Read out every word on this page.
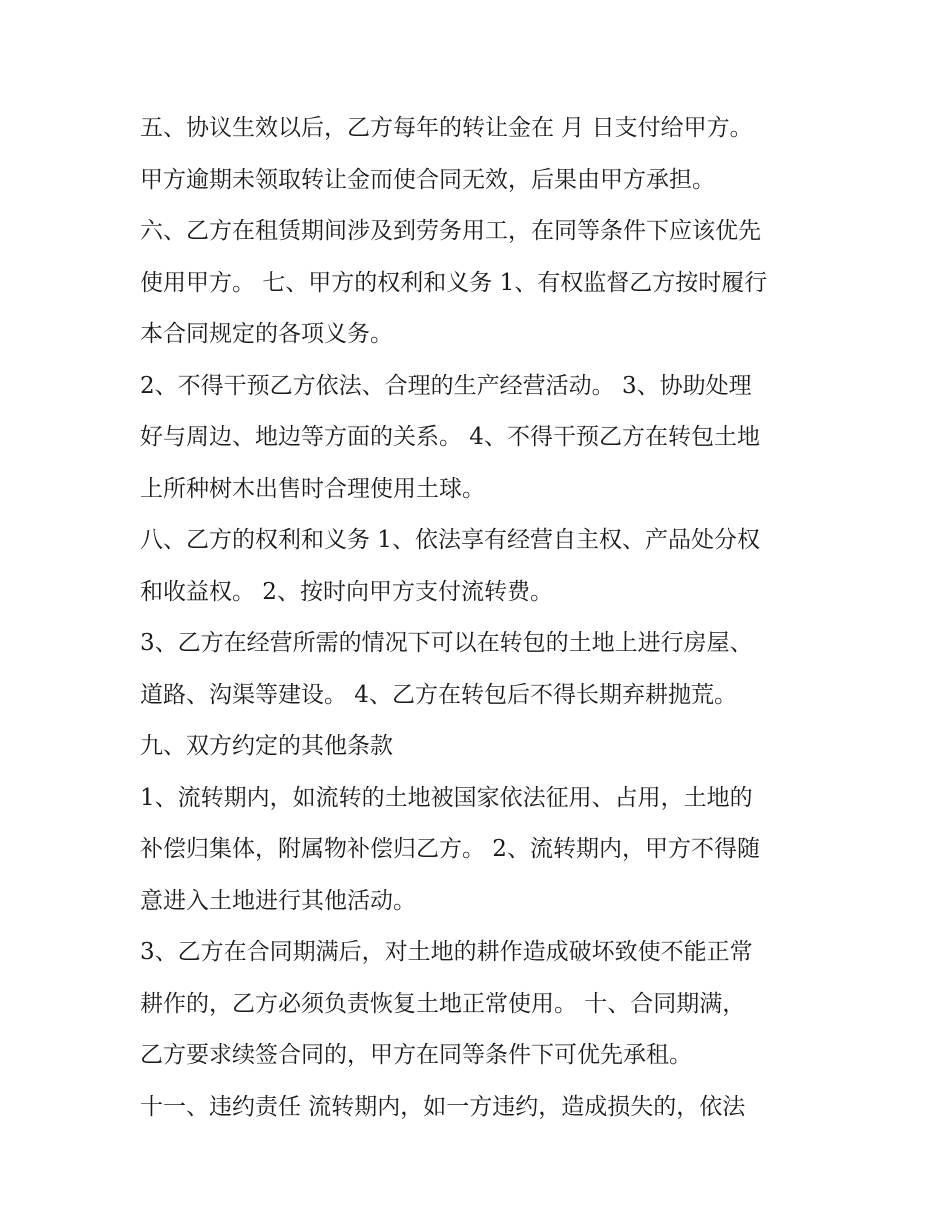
五、协议生效以后，乙方每年的转让金在 月 日支付给甲方。
甲方逾期未领取转让金而使合同无效，后果由甲方承担。
六、乙方在租赁期间涉及到劳务用工，在同等条件下应该优先
使用甲方。 七、甲方的权利和义务 1、有权监督乙方按时履行
本合同规定的各项义务。
2、不得干预乙方依法、合理的生产经营活动。 3、协助处理
好与周边、地边等方面的关系。 4、不得干预乙方在转包土地
上所种树木出售时合理使用土球。
八、乙方的权利和义务 1、依法享有经营自主权、产品处分权
和收益权。 2、按时向甲方支付流转费。
3、乙方在经营所需的情况下可以在转包的土地上进行房屋、
道路、沟渠等建设。 4、乙方在转包后不得长期弃耕抛荒。
九、双方约定的其他条款
1、流转期内，如流转的土地被国家依法征用、占用，土地的
补偿归集体，附属物补偿归乙方。 2、流转期内，甲方不得随
意进入土地进行其他活动。
3、乙方在合同期满后，对土地的耕作造成破坏致使不能正常
耕作的，乙方必须负责恢复土地正常使用。 十、合同期满，
乙方要求续签合同的，甲方在同等条件下可优先承租。
十一、违约责任 流转期内，如一方违约，造成损失的，依法
